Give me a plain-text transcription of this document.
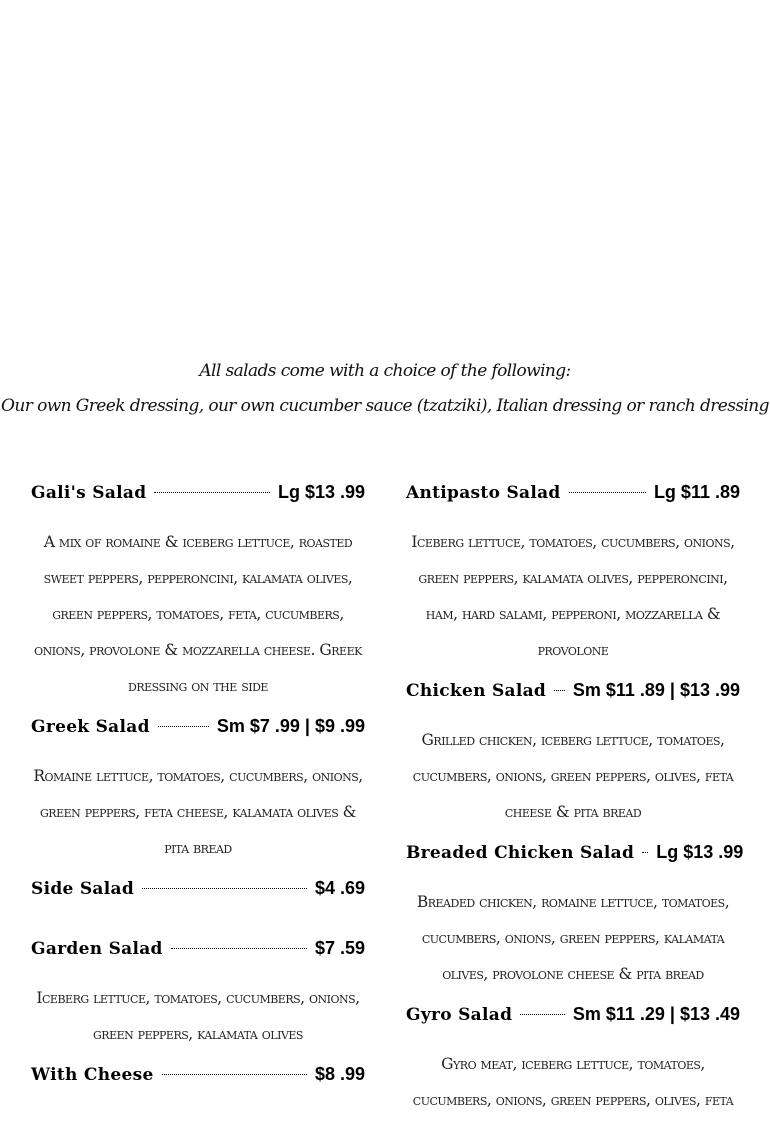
All salads come with a choice of the following:
Our own Greek dressing, our own cucumber sauce (tzatziki), Italian dressing or ranch dressing
Gali's Salad	Lg $13 .99
A mix of romaine & iceberg lettuce, roasted sweet peppers, pepperoncini, kalamata olives, green peppers, tomatoes, feta, cucumbers, onions, provolone & mozzarella cheese. Greek dressing on the side
Greek Salad	Sm $7 .99 | $9 .99
Romaine lettuce, tomatoes, cucumbers, onions, green peppers, feta cheese, kalamata olives & pita bread
Side Salad	$4 .69
Garden Salad	$7 .59
Iceberg lettuce, tomatoes, cucumbers, onions, green peppers, kalamata olives
With Cheese	$8 .99
Antipasto Salad	Lg $11 .89
Iceberg lettuce, tomatoes, cucumbers, onions, green peppers, kalamata olives, pepperoncini, ham, hard salami, pepperoni, mozzarella & provolone
Chicken Salad Sm $11 .89 | $13 .99
Grilled chicken, iceberg lettuce, tomatoes, cucumbers, onions, green peppers, olives, feta cheese & pita bread
Breaded Chicken Salad Lg $13 .99
Breaded chicken, romaine lettuce, tomatoes, cucumbers, onions, green peppers, kalamata olives, provolone cheese & pita bread
Gyro Salad	Sm $11 .29 | $13 .49
Gyro meat, iceberg lettuce, tomatoes, cucumbers, onions, green peppers, olives, feta
